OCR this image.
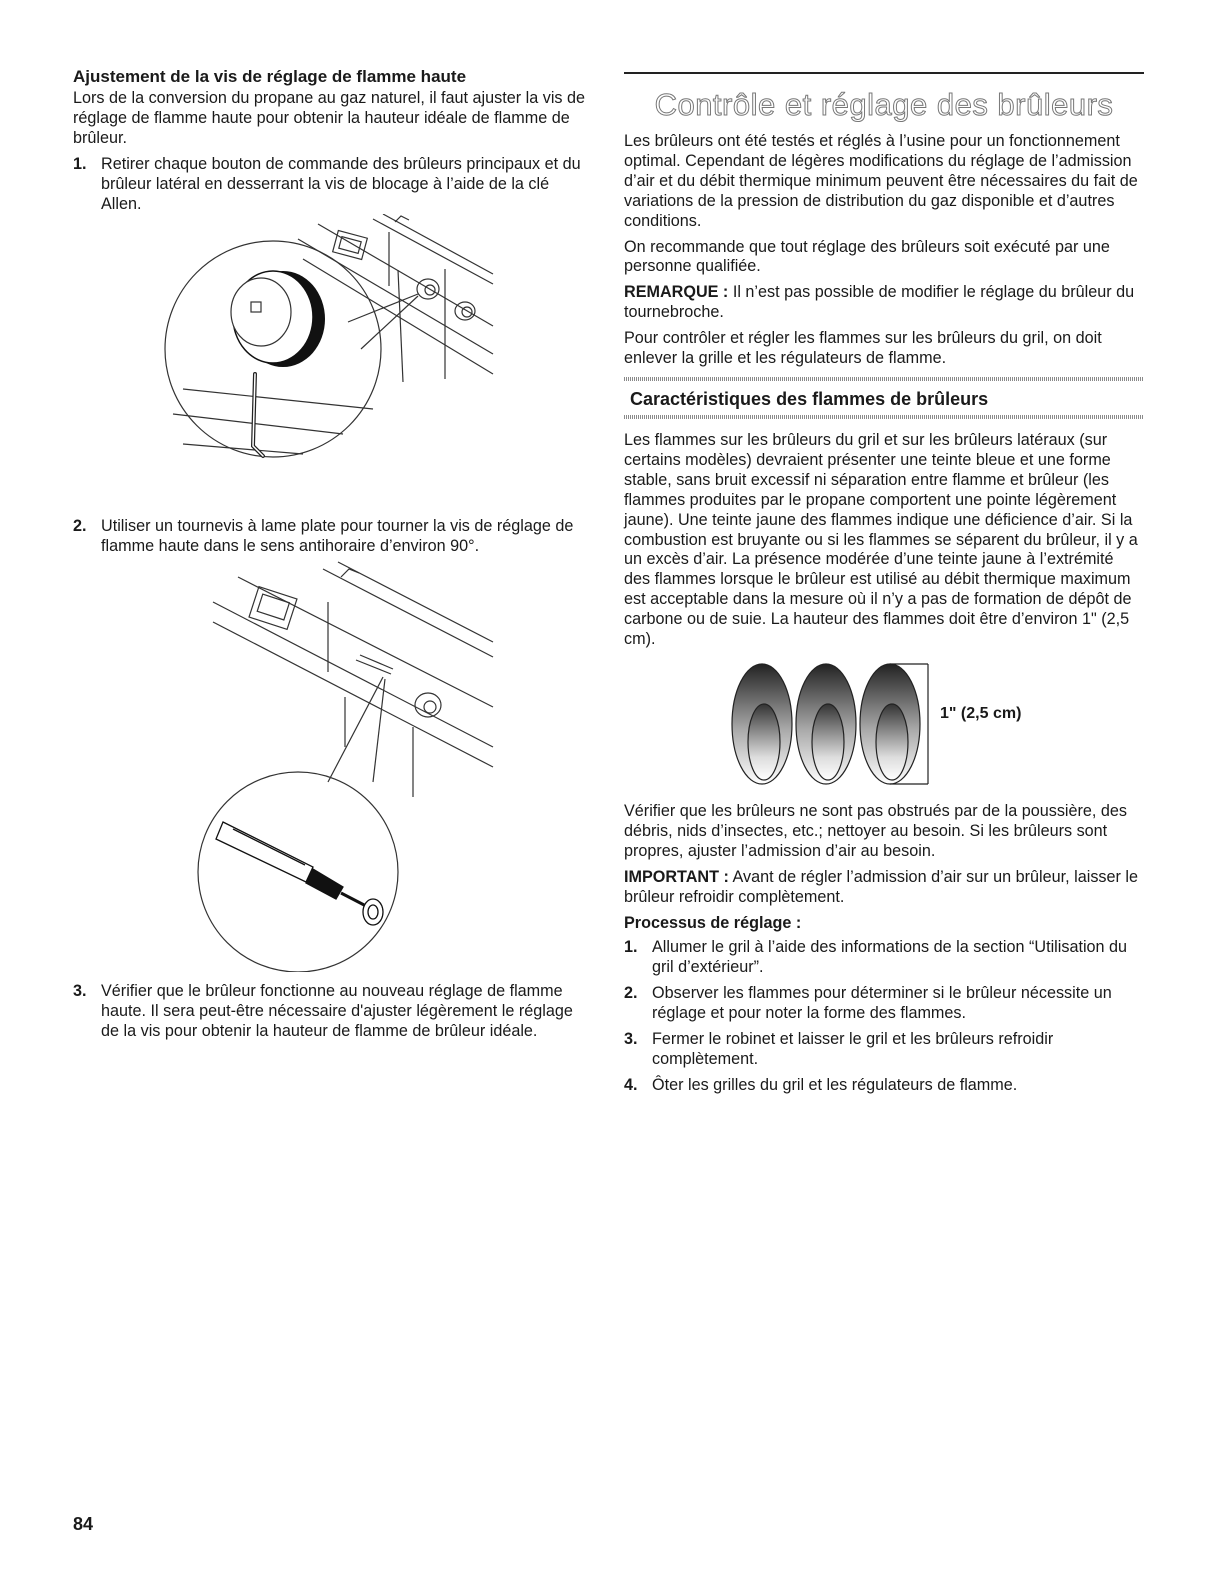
Ajustement de la vis de réglage de flamme haute

Lors de la conversion du propane au gaz naturel, il faut ajuster la vis de réglage de flamme haute pour obtenir la hauteur idéale de flamme de brûleur.

1. Retirer chaque bouton de commande des brûleurs principaux et du brûleur latéral en desserrant la vis de blocage à l’aide de la clé Allen.
2. Utiliser un tournevis à lame plate pour tourner la vis de réglage de flamme haute dans le sens antihoraire d’environ 90°.
3. Vérifier que le brûleur fonctionne au nouveau réglage de flamme haute. Il sera peut-être nécessaire d'ajuster légèrement le réglage de la vis pour obtenir la hauteur de flamme de brûleur idéale.
Contrôle et réglage des brûleurs

Les brûleurs ont été testés et réglés à l’usine pour un fonctionnement optimal. Cependant de légères modifications du réglage de l’admission d’air et du débit thermique minimum peuvent être nécessaires du fait de variations de la pression de distribution du gaz disponible et d’autres conditions.

On recommande que tout réglage des brûleurs soit exécuté par une personne qualifiée.

REMARQUE : Il n’est pas possible de modifier le réglage du brûleur du tournebroche.

Pour contrôler et régler les flammes sur les brûleurs du gril, on doit enlever la grille et les régulateurs de flamme.

Caractéristiques des flammes de brûleurs

Les flammes sur les brûleurs du gril et sur les brûleurs latéraux (sur certains modèles) devraient présenter une teinte bleue et une forme stable, sans bruit excessif ni séparation entre flamme et brûleur (les flammes produites par le propane comportent une pointe légèrement jaune). Une teinte jaune des flammes indique une déficience d’air. Si la combustion est bruyante ou si les flammes se séparent du brûleur, il y a un excès d’air. La présence modérée d’une teinte jaune à l’extrémité des flammes lorsque le brûleur est utilisé au débit thermique maximum est acceptable dans la mesure où il n’y a pas de formation de dépôt de carbone ou de suie. La hauteur des flammes doit être d’environ 1" (2,5 cm).

1" (2,5 cm)

Vérifier que les brûleurs ne sont pas obstrués par de la poussière, des débris, nids d’insectes, etc.; nettoyer au besoin. Si les brûleurs sont propres, ajuster l’admission d’air au besoin.

IMPORTANT : Avant de régler l’admission d’air sur un brûleur, laisser le brûleur refroidir complètement.

Processus de réglage :
1. Allumer le gril à l’aide des informations de la section “Utilisation du gril d’extérieur”.
2. Observer les flammes pour déterminer si le brûleur nécessite un réglage et pour noter la forme des flammes.
3. Fermer le robinet et laisser le gril et les brûleurs refroidir complètement.
4. Ôter les grilles du gril et les régulateurs de flamme.
84
